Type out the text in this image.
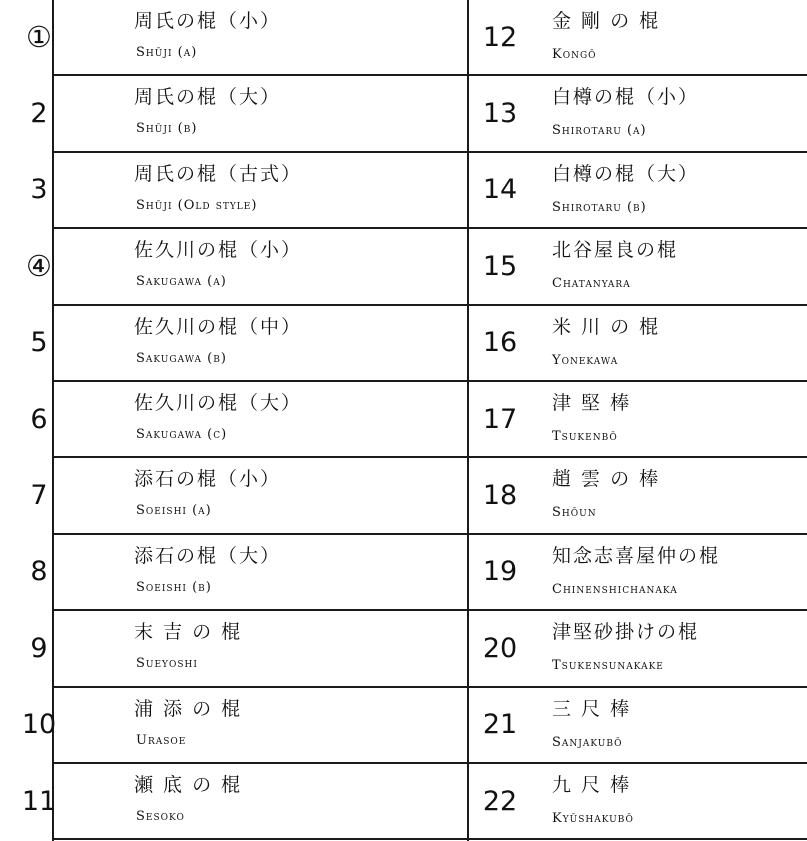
①	周氏の棍（小）
Shūji (a)
2
周氏の棍（大）
Shūji (b)
3
周氏の棍（古式）
Shūji (Old style)
④	佐久川の棍（小）
Sakugawa (a)
5
佐久川の棍（中）
Sakugawa (b)
6
佐久川の棍（大）
Sakugawa (c)
7
添石の棍（小）
Soeishi (a)
8
添石の棍（大）
Soeishi (b)
9
末 吉 の 棍
Sueyoshi
10
浦 添 の 棍
Urasoe
11
瀬 底 の 棍
Sesoko
12
金 剛 の 棍
Kongō
13
白樽の棍（小）
Shirotaru (a)
14
白樽の棍（大）
Shirotaru (b)
15
北谷屋良の棍
Chatanyara
16
米 川 の 棍
Yonekawa
17
津 堅 棒
Tsukenbō
18
趙 雲 の 棒
Shōun
19
知念志喜屋仲の棍
Chinenshichanaka
20
津堅砂掛けの棍
Tsukensunakake
21
三 尺 棒
Sanjakubō
22
九 尺 棒
Kyūshakubō
